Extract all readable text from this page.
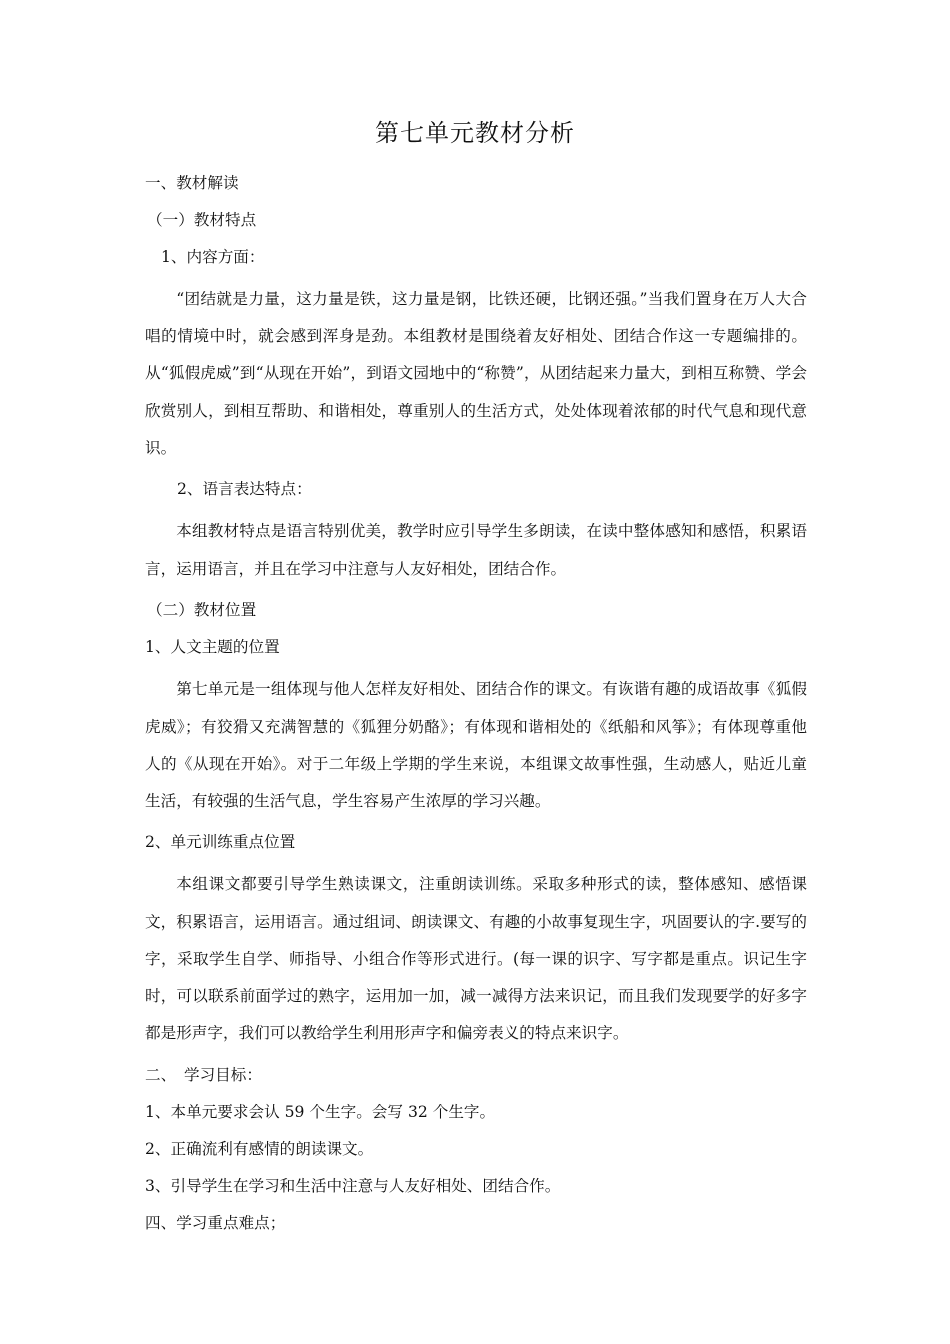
第七单元教材分析
一、教材解读
（一）教材特点
1、内容方面：
“团结就是力量，这力量是铁，这力量是钢，比铁还硬，比钢还强。”当我们置身在万人大合唱的情境中时，就会感到浑身是劲。本组教材是围绕着友好相处、团结合作这一专题编排的。从“狐假虎威”到“从现在开始”，到语文园地中的“称赞”，从团结起来力量大，到相互称赞、学会欣赏别人，到相互帮助、和谐相处，尊重别人的生活方式，处处体现着浓郁的时代气息和现代意识。
2、语言表达特点：
本组教材特点是语言特别优美，教学时应引导学生多朗读，在读中整体感知和感悟，积累语言，运用语言，并且在学习中注意与人友好相处，团结合作。
（二）教材位置
1、人文主题的位置
第七单元是一组体现与他人怎样友好相处、团结合作的课文。有诙谐有趣的成语故事《狐假虎威》；有狡猾又充满智慧的《狐狸分奶酪》；有体现和谐相处的《纸船和风筝》；有体现尊重他人的《从现在开始》。对于二年级上学期的学生来说，本组课文故事性强，生动感人，贴近儿童生活，有较强的生活气息，学生容易产生浓厚的学习兴趣。
2、单元训练重点位置
本组课文都要引导学生熟读课文，注重朗读训练。采取多种形式的读，整体感知、感悟课文，积累语言，运用语言。通过组词、朗读课文、有趣的小故事复现生字，巩固要认的字.要写的字，采取学生自学、师指导、小组合作等形式进行。(每一课的识字、写字都是重点。识记生字时，可以联系前面学过的熟字，运用加一加，减一减得方法来识记，而且我们发现要学的好多字都是形声字，我们可以教给学生利用形声字和偏旁表义的特点来识字。
二、　学习目标：
1、本单元要求会认 59 个生字。会写 32 个生字。
2、正确流利有感情的朗读课文。
3、引导学生在学习和生活中注意与人友好相处、团结合作。
四、学习重点难点；
